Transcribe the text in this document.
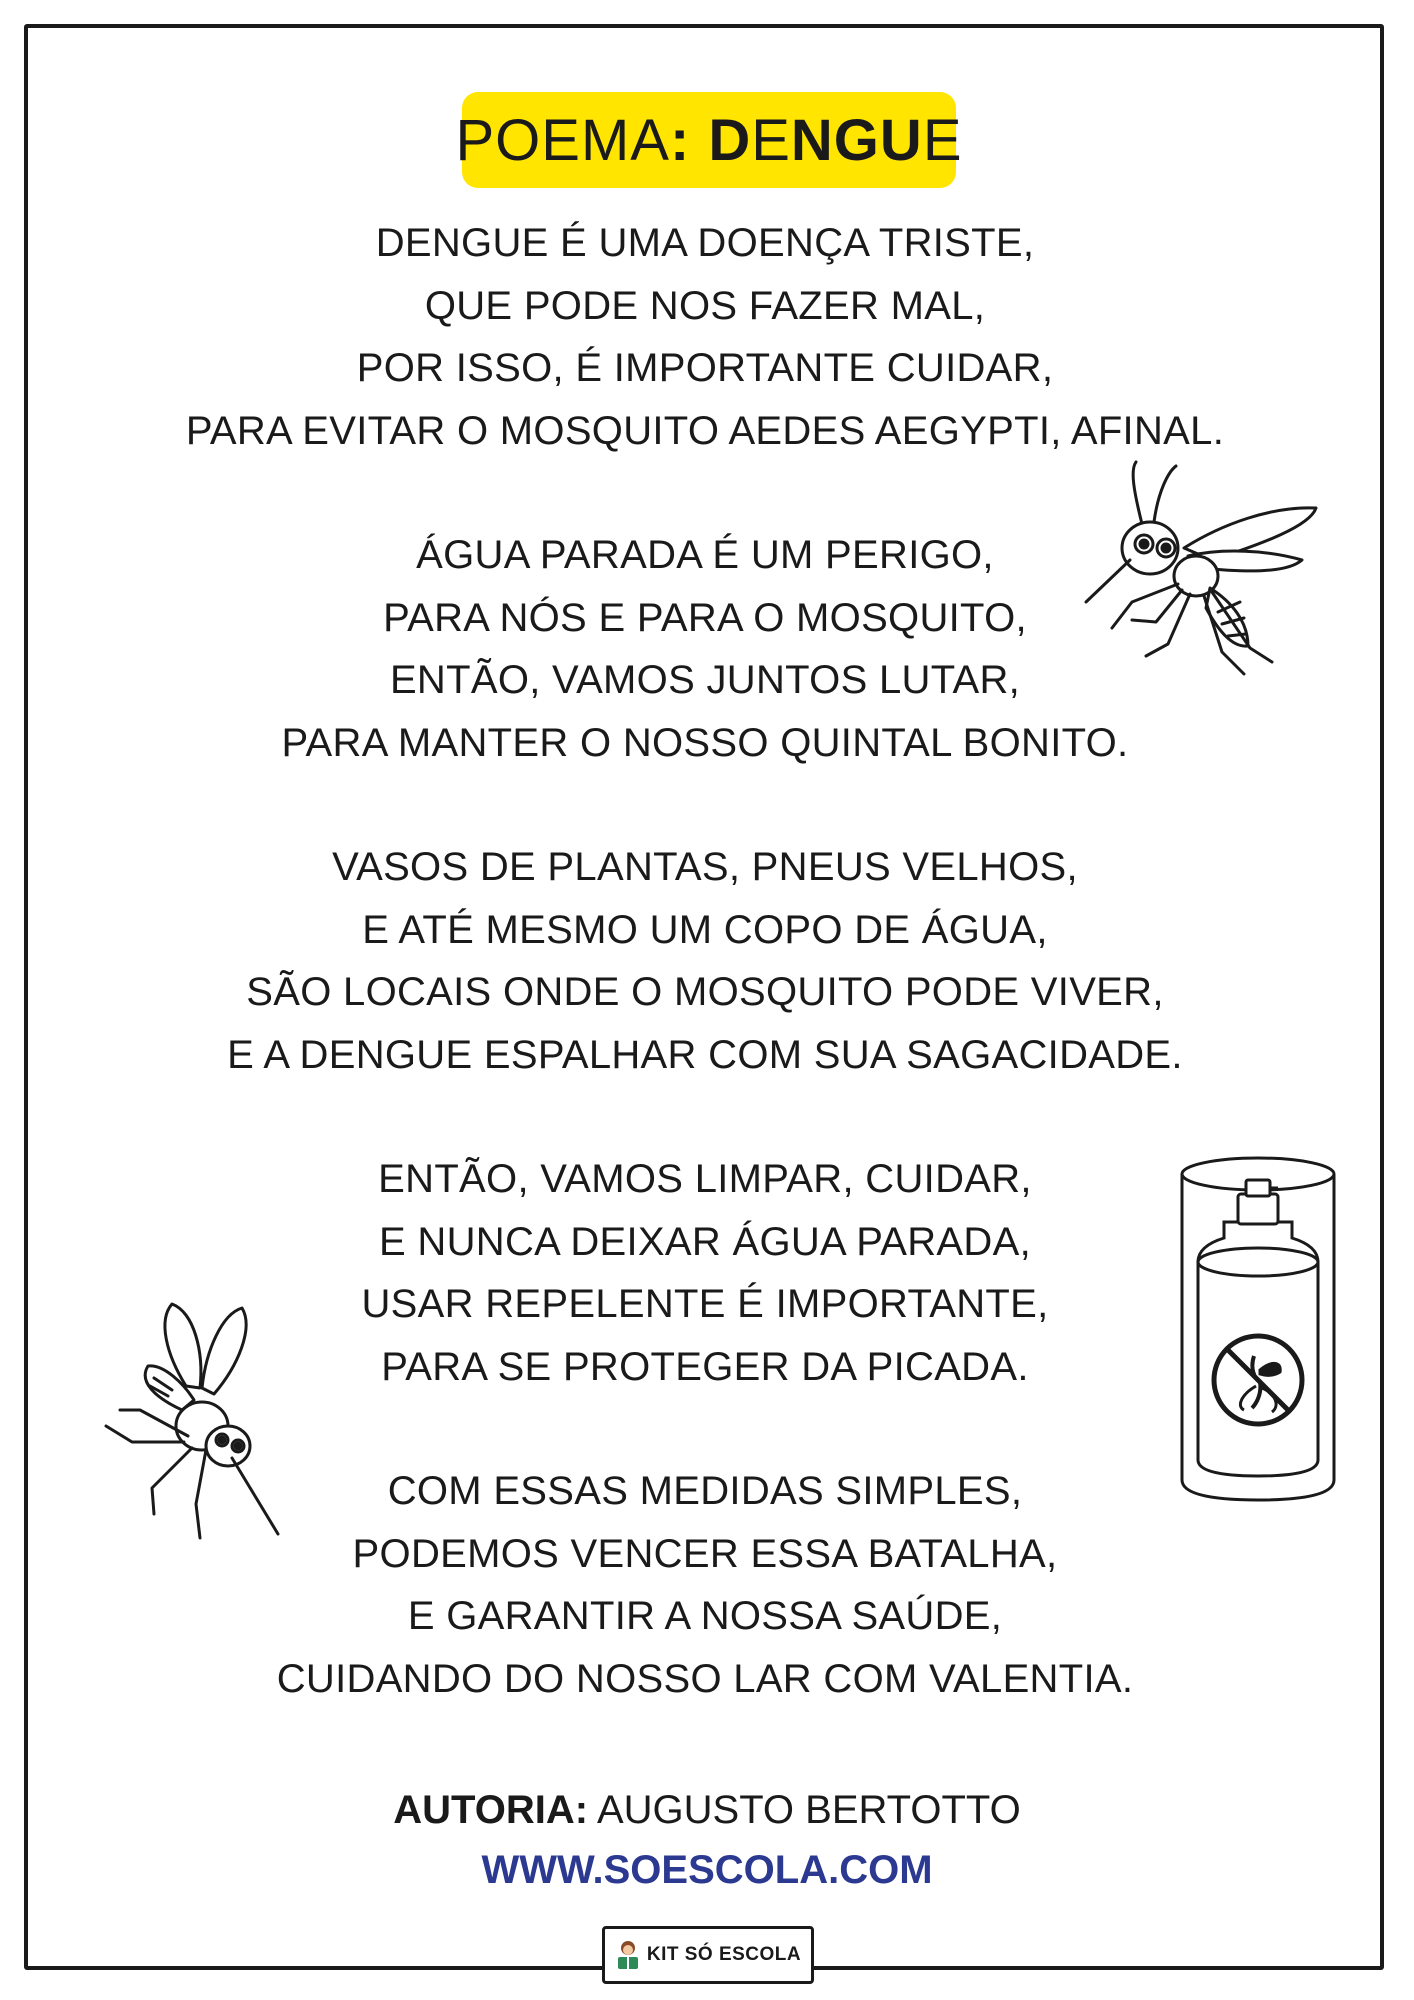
POEMA : DENGUE

DENGUE É UMA DOENÇA TRISTE,

QUE PODE NOS FAZER MAL,

POR ISSO, É IMPORTANTE CUIDAR,

PARA EVITAR O MOSQUITO AEDES AEGYPTI, AFINAL.

ÁGUA PARADA É UM PERIGO,

PARA NÓS E PARA O MOSQUITO,

ENTÃO, VAMOS JUNTOS LUTAR,

PARA MANTER O NOSSO QUINTAL BONITO.

VASOS DE PLANTAS, PNEUS VELHOS,

E ATÉ MESMO UM COPO DE ÁGUA,

SÃO LOCAIS ONDE O MOSQUITO PODE VIVER,

E A DENGUE ESPALHAR COM SUA SAGACIDADE.

ENTÃO, VAMOS LIMPAR, CUIDAR,

E NUNCA DEIXAR ÁGUA PARADA,

USAR REPELENTE É IMPORTANTE,

PARA SE PROTEGER DA PICADA.

COM ESSAS MEDIDAS SIMPLES,

PODEMOS VENCER ESSA BATALHA,

E GARANTIR A NOSSA SAÚDE,

CUIDANDO DO NOSSO LAR COM VALENTIA.

AUTORIA: AUGUSTO BERTOTTO
WWW.SOESCOLA.COM
KIT SÓ ESCOLA
